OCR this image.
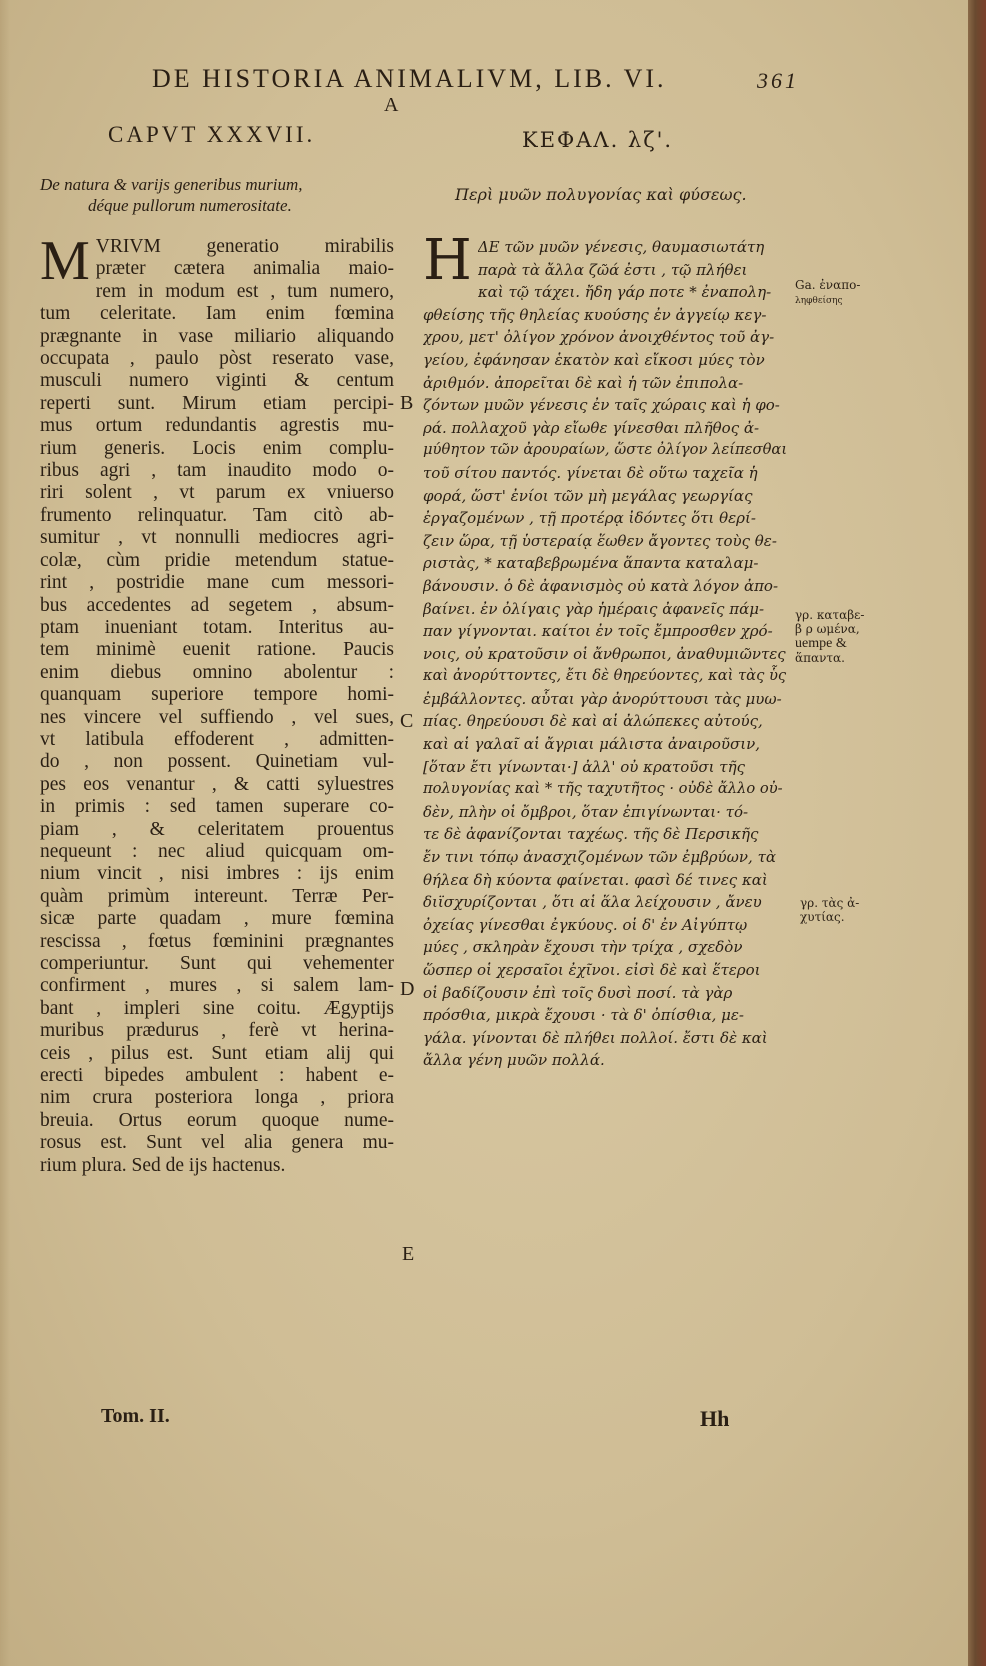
DE HISTORIA ANIMALIVM, LIB. VI.	361
A
B
C
D
E
CAPVT XXXVII.	ΚΕΦΑΛ. λζ'.
De natura & varijs generibus murium,
déque pullorum numerositate.
Περὶ μυῶν πολυγονίας καὶ φύσεως.
M VRIVM generatio mirabilis
præter cætera animalia maio-
rem in modum est , tum numero,
tum celeritate. Iam enim fœmina
prægnante in vase miliario aliquando
occupata , paulo pòst reserato vase,
musculi numero viginti & centum
reperti sunt. Mirum etiam percipi-
mus ortum redundantis agrestis mu-
rium generis. Locis enim complu-
ribus agri , tam inaudito modo o-
riri solent , vt parum ex vniuerso
frumento relinquatur. Tam citò ab-
sumitur , vt nonnulli mediocres agri-
colæ, cùm pridie metendum statue-
rint , postridie mane cum messori-
bus accedentes ad segetem , absum-
ptam inueniant totam. Interitus au-
tem minimè euenit ratione. Paucis
enim diebus omnino abolentur :
quanquam superiore tempore homi-
nes vincere vel suffiendo , vel sues,
vt latibula effoderent , admitten-
do , non possent. Quinetiam vul-
pes eos venantur , & catti syluestres
in primis : sed tamen superare co-
piam , & celeritatem prouentus
nequeunt : nec aliud quicquam om-
nium vincit , nisi imbres : ijs enim
quàm primùm intereunt. Terræ Per-
sicæ parte quadam , mure fœmina
rescissa , fœtus fœminini prægnantes
comperiuntur. Sunt qui vehementer
confirment , mures , si salem lam-
bant , impleri sine coitu. Ægyptijs
muribus prædurus , ferè vt herina-
ceis , pilus est. Sunt etiam alij qui
erecti bipedes ambulent : habent e-
nim crura posteriora longa , priora
breuia. Ortus eorum quoque nume-
rosus est. Sunt vel alia genera mu-
rium plura. Sed de ijs hactenus.
Η ΔΕ τῶν μυῶν γένεσις, θαυμασιωτάτη
παρὰ τὰ ἄλλα ζῶά ἐστι , τῷ πλήθει
καὶ τῷ τάχει. ἤδη γάρ ποτε * ἐναπολη-
φθείσης τῆς θηλείας κυούσης ἐν ἀγγείῳ κεγ-
χρου, μετ' ὀλίγον χρόνον ἀνοιχθέντος τοῦ ἀγ-
γείου, ἐφάνησαν ἑκατὸν καὶ εἴκοσι μύες τὸν
ἀριθμόν. ἀπορεῖται δὲ καὶ ἡ τῶν ἐπιπολα-
ζόντων μυῶν γένεσις ἐν ταῖς χώραις καὶ ἡ φο-
ρά. πολλαχοῦ γὰρ εἴωθε γίνεσθαι πλῆθος ἀ-
μύθητον τῶν ἀρουραίων, ὥστε ὀλίγον λείπεσθαι
τοῦ σίτου παντός. γίνεται δὲ οὕτω ταχεῖα ἡ
φορά, ὥστ' ἐνίοι τῶν μὴ μεγάλας γεωργίας
ἐργαζομένων , τῇ προτέρᾳ ἰδόντες ὅτι θερί-
ζειν ὥρα, τῇ ὑστεραίᾳ ἕωθεν ἄγοντες τοὺς θε-
ριστὰς, * καταβεβρωμένα ἅπαντα καταλαμ-
βάνουσιν. ὁ δὲ ἀφανισμὸς οὐ κατὰ λόγον ἀπο-
βαίνει. ἐν ὀλίγαις γὰρ ἡμέραις ἀφανεῖς πάμ-
παν γίγνονται. καίτοι ἐν τοῖς ἔμπροσθεν χρό-
νοις, οὐ κρατοῦσιν οἱ ἄνθρωποι, ἀναθυμιῶντες
καὶ ἀνορύττοντες, ἔτι δὲ θηρεύοντες, καὶ τὰς ὗς
ἐμβάλλοντες. αὗται γὰρ ἀνορύττουσι τὰς μυω-
πίας. θηρεύουσι δὲ καὶ αἱ ἀλώπεκες αὐτούς,
καὶ αἱ γαλαῖ αἱ ἄγριαι μάλιστα ἀναιροῦσιν,
[ὅταν ἔτι γίνωνται·] ἀλλ' οὐ κρατοῦσι τῆς
πολυγονίας καὶ * τῆς ταχυτῆτος · οὐδὲ ἄλλο οὐ-
δὲν, πλὴν οἱ ὄμβροι, ὅταν ἐπιγίνωνται· τό-
τε δὲ ἀφανίζονται ταχέως. τῆς δὲ Περσικῆς
ἔν τινι τόπῳ ἀνασχιζομένων τῶν ἐμβρύων, τὰ
θήλεα δὴ κύοντα φαίνεται. φασὶ δέ τινες καὶ
διϊσχυρίζονται , ὅτι αἱ ἅλα λείχουσιν , ἄνευ
ὀχείας γίνεσθαι ἐγκύους. οἱ δ' ἐν Αἰγύπτῳ
μύες , σκληρὰν ἔχουσι τὴν τρίχα , σχεδὸν
ὥσπερ οἱ χερσαῖοι ἐχῖνοι. εἰσὶ δὲ καὶ ἕτεροι
οἱ βαδίζουσιν ἐπὶ τοῖς δυσὶ ποσί. τὰ γὰρ
πρόσθια, μικρὰ ἔχουσι · τὰ δ' ὀπίσθια, με-
γάλα. γίνονται δὲ πλήθει πολλοί. ἔστι δὲ καὶ
ἄλλα γένη μυῶν πολλά.
Ga. ἐναπο-
ληφθείσης
γρ. καταβε-
β ρ ωμένα,
uempe &
ἅπαντα.
γρ. τὰς ἀ-
χυτίας.
Tom. II.	Hh
